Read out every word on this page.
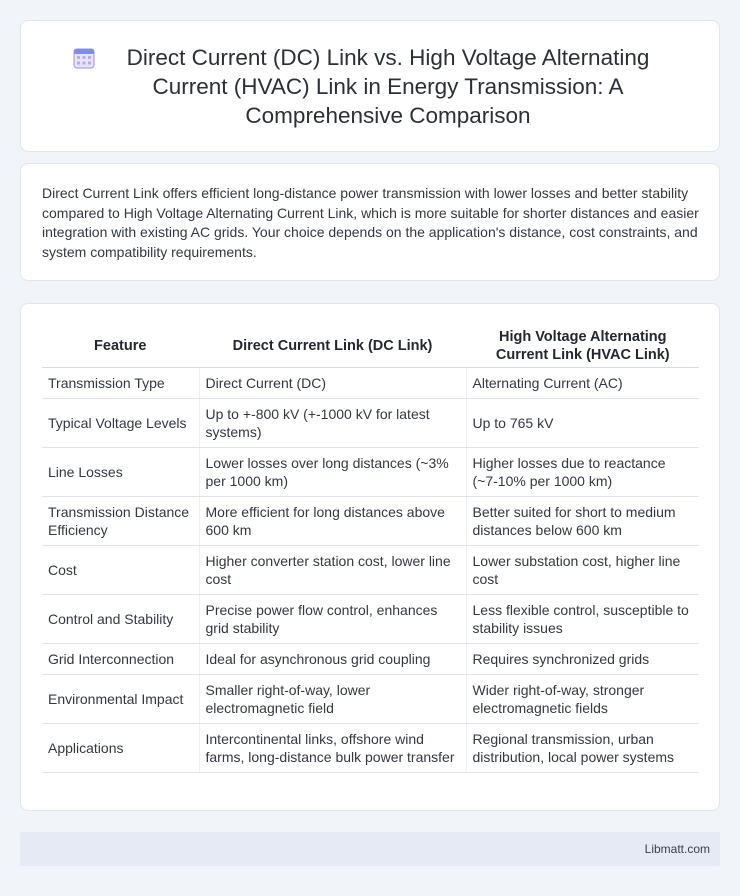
Direct Current (DC) Link vs. High Voltage Alternating Current (HVAC) Link in Energy Transmission: A Comprehensive Comparison

Direct Current Link offers efficient long-distance power transmission with lower losses and better stability compared to High Voltage Alternating Current Link, which is more suitable for shorter distances and easier integration with existing AC grids. Your choice depends on the application's distance, cost constraints, and system compatibility requirements.

Feature	Direct Current Link (DC Link)	High Voltage Alternating Current Link (HVAC Link)
Transmission Type	Direct Current (DC)	Alternating Current (AC)
Typical Voltage Levels	Up to +-800 kV (+-1000 kV for latest systems)	Up to 765 kV
Line Losses	Lower losses over long distances (~3% per 1000 km)	Higher losses due to reactance (~7-10% per 1000 km)
Transmission Distance Efficiency	More efficient for long distances above 600 km	Better suited for short to medium distances below 600 km
Cost	Higher converter station cost, lower line cost	Lower substation cost, higher line cost
Control and Stability	Precise power flow control, enhances grid stability	Less flexible control, susceptible to stability issues
Grid Interconnection	Ideal for asynchronous grid coupling	Requires synchronized grids
Environmental Impact	Smaller right-of-way, lower electromagnetic field	Wider right-of-way, stronger electromagnetic fields
Applications	Intercontinental links, offshore wind farms, long-distance bulk power transfer	Regional transmission, urban distribution, local power systems
Libmatt.com
